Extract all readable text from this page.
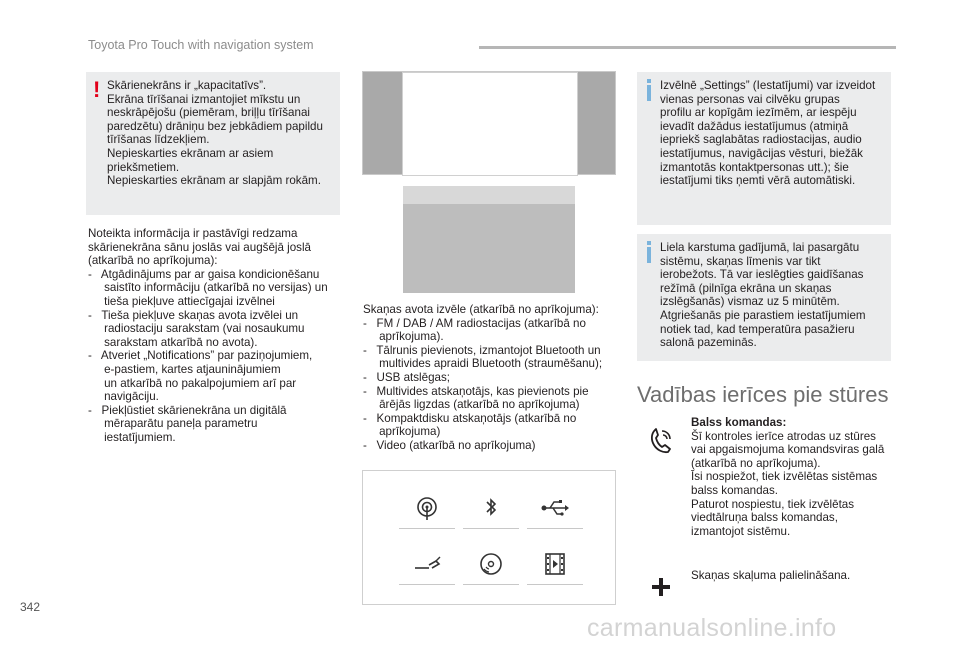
Toyota Pro Touch with navigation system
! Skārienekrāns ir „kapacitatīvs”.
Ekrāna tīrīšanai izmantojiet mīkstu un
neskrāpējošu (piemēram, briļļu tīrīšanai
paredzētu) drāniņu bez jebkādiem papildu
tīrīšanas līdzekļiem.
Nepieskarties ekrānam ar asiem
priekšmetiem.
Nepieskarties ekrānam ar slapjām rokām.
Noteikta informācija ir pastāvīgi redzama
skārienekrāna sānu joslās vai augšējā joslā
(atkarībā no aprīkojuma):
-   Atgādinājums par ar gaisa kondicionēšanu
saistīto informāciju (atkarībā no versijas) un
tieša piekļuve attiecīgajai izvēlnei
-   Tieša piekļuve skaņas avota izvēlei un
radiostaciju sarakstam (vai nosaukumu
sarakstam atkarībā no avota).
-   Atveriet „Notifications” par paziņojumiem,
e-pastiem, kartes atjauninājumiem
un atkarībā no pakalpojumiem arī par
navigāciju.
-   Piekļūstiet skārienekrāna un digitālā
mēraparātu paneļa parametru
iestatījumiem.
Skaņas avota izvēle (atkarībā no aprīkojuma):
-   FM / DAB / AM radiostacijas (atkarībā no
aprīkojuma).
-   Tālrunis pievienots, izmantojot Bluetooth un
multivides apraidi Bluetooth (straumēšanu);
-   USB atslēgas;
-   Multivides atskaņotājs, kas pievienots pie
ārējās ligzdas (atkarībā no aprīkojuma)
-   Kompaktdisku atskaņotājs (atkarībā no
aprīkojuma)
-   Video (atkarībā no aprīkojuma)
Izvēlnē „Settings” (Iestatījumi) var izveidot
vienas personas vai cilvēku grupas
profilu ar kopīgām iezīmēm, ar iespēju
ievadīt dažādus iestatījumus (atmiņā
iepriekš saglabātas radiostacijas, audio
iestatījumus, navigācijas vēsturi, biežāk
izmantotās kontaktpersonas utt.); šie
iestatījumi tiks ņemti vērā automātiski.
Liela karstuma gadījumā, lai pasargātu
sistēmu, skaņas līmenis var tikt
ierobežots. Tā var ieslēgties gaidīšanas
režīmā (pilnīga ekrāna un skaņas
izslēgšanās) vismaz uz 5 minūtēm.
Atgriešanās pie parastiem iestatījumiem
notiek tad, kad temperatūra pasažieru
salonā pazeminās.
Vadības ierīces pie stūres
Balss komandas:
Šī kontroles ierīce atrodas uz stūres
vai apgaismojuma komandsviras galā
(atkarībā no aprīkojuma).
Īsi nospiežot, tiek izvēlētas sistēmas
balss komandas.
Paturot nospiestu, tiek izvēlētas
viedtālruņa balss komandas,
izmantojot sistēmu.
Skaņas skaļuma palielināšana.
342
carmanualsonline.info
